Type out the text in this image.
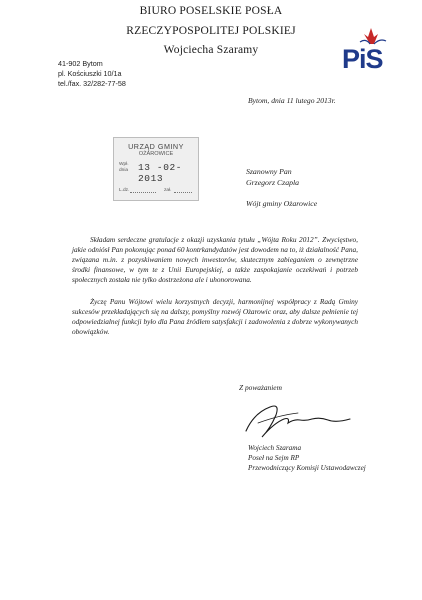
BIURO POSELSKIE POSŁA
RZECZYPOSPOLITEJ POLSKIEJ
Wojciecha Szaramy
41-902 Bytom
pl. Kościuszki 10/1a
tel./fax. 32/282-77-58
PiS
Bytom, dnia 11 lutego 2013r.
URZĄD GMINY
OŻAROWICE
Wpł.
dnia 13 -02- 2013
L.dz.	zał.
Szanowny Pan
Grzegorz Czapla
Wójt gminy Ożarowice
Składam serdeczne gratulacje z okazji uzyskania tytułu „Wójta Roku 2012”. Zwycięstwo, jakie odniósł Pan pokonując ponad 60 kontrkandydatów jest dowodem na to, iż działalność Pana, związana m.in. z pozyskiwaniem nowych inwestorów, skutecznym zabieganiem o zewnętrzne środki finansowe, w tym te z Unii Europejskiej, a także zaspokajanie oczekiwań i potrzeb społecznych została nie tylko dostrzeżona ale i uhonorowana.
Życzę Panu Wójtowi wielu korzystnych decyzji, harmonijnej współpracy z Radą Gminy sukcesów przekładających się na dalszy, pomyślny rozwój Ożarowic oraz, aby dalsze pełnienie tej odpowiedzialnej funkcji było dla Pana źródłem satysfakcji i zadowolenia z dobrze wykonywanych obowiązków.
Z poważaniem
Wojciech Szarama
Poseł na Sejm RP
Przewodniczący Komisji Ustawodawczej
